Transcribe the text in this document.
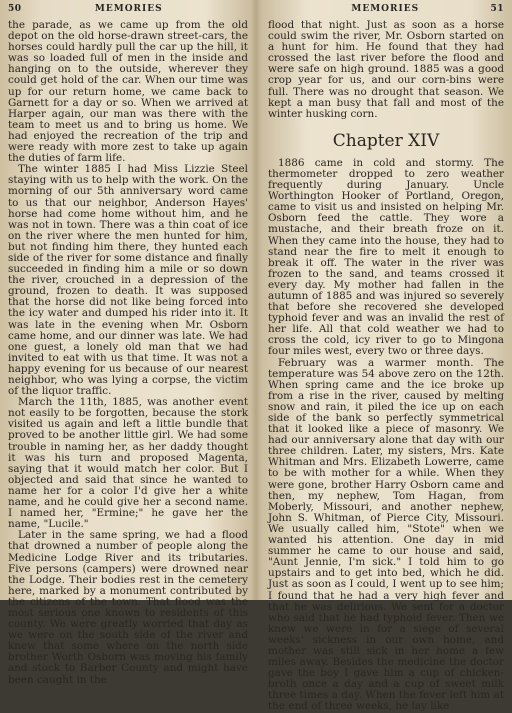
50	MEMORIES

the parade, as we came up from the old depot on the old horse-drawn street-cars, the horses could hardly pull the car up the hill, it was so loaded full of men in the inside and hanging on to the outside, wherever they could get hold of the car. When our time was up for our return home, we came back to Garnett for a day or so. When we arrived at Harper again, our man was there with the team to meet us and to bring us home. We had enjoyed the recreation of the trip and were ready with more zest to take up again the duties of farm life.

The winter 1885 I had Miss Lizzie Steel staying with us to help with the work. On the morning of our 5th anniversary word came to us that our neighbor, Anderson Hayes' horse had come home without him, and he was not in town. There was a thin coat of ice on the river where the men hunted for him, but not finding him there, they hunted each side of the river for some distance and finally succeeded in finding him a mile or so down the river, crouched in a depression of the ground, frozen to death. It was supposed that the horse did not like being forced into the icy water and dumped his rider into it. It was late in the evening when Mr. Osborn came home, and our dinner was late. We had one guest, a lonely old man that we had invited to eat with us that time. It was not a happy evening for us because of our nearest neighbor, who was lying a corpse, the victim of the liquor traffic.

March the 11th, 1885, was another event not easily to be forgotten, because the stork visited us again and left a little bundle that proved to be another little girl. We had some trouble in naming her, as her daddy thought it was his turn and proposed Magenta, saying that it would match her color. But I objected and said that since he wanted to name her for a color I'd give her a white name, and he could give her a second name. I named her, "Ermine;" he gave her the name, "Lucile."

Later in the same spring, we had a flood that drowned a number of people along the Medicine Lodge River and its tributaries. Five persons (campers) were drowned near the Lodge. Their bodies rest in the cemetery here, marked by a monument contributed by the citizens of the town. That flood was the most serious one known to residents of this county. We were greatly worried that day as we were on the south side of the river and knew that some where on the north side brother Worth Osborn was moving his family and stock to Barber County and might have been caught in the

MEMORIES	51

flood that night. Just as soon as a horse could swim the river, Mr. Osborn started on a hunt for him. He found that they had crossed the last river before the flood and were safe on high ground. 1885 was a good crop year for us, and our corn-bins were full. There was no drought that season. We kept a man busy that fall and most of the winter husking corn.

Chapter XIV

1886 came in cold and stormy. The thermometer dropped to zero weather frequently during January. Uncle Worthington Hooker of Portland, Oregon, came to visit us and insisted on helping Mr. Osborn feed the cattle. They wore a mustache, and their breath froze on it. When they came into the house, they had to stand near the fire to melt it enough to break it off. The water in the river was frozen to the sand, and teams crossed it every day. My mother had fallen in the autumn of 1885 and was injured so severely that before she recovered she developed typhoid fever and was an invalid the rest of her life. All that cold weather we had to cross the cold, icy river to go to Mingona four miles west, every two or three days.

February was a warmer month. The temperature was 54 above zero on the 12th. When spring came and the ice broke up from a rise in the river, caused by melting snow and rain, it piled the ice up on each side of the bank so perfectly symmetrical that it looked like a piece of masonry. We had our anniversary alone that day with our three children. Later, my sisters, Mrs. Kate Whitman and Mrs. Elizabeth Lowerre, came to be with mother for a while. When they were gone, brother Harry Osborn came and then, my nephew, Tom Hagan, from Moberly, Missouri, and another nephew, John S. Whitman, of Pierce City, Missouri. We usually called him, "Stote" when we wanted his attention. One day in mid summer he came to our house and said, "Aunt Jennie, I'm sick." I told him to go upstairs and to get into bed, which he did. Just as soon as I could, I went up to see him; I found that he had a very high fever and that he was delirious. We sent for a doctor who said that he had typhoid fever. Then we knew we were in for a siege of several weeks' sickness in our own home, and mother was still sick in her home a few miles away. Besides the medicine the doctor gave the boy I gave him a cup of chicken-broth once a day and a cup of sweet milk three times a day. When the fever left him at the end of three weeks, he lay like
